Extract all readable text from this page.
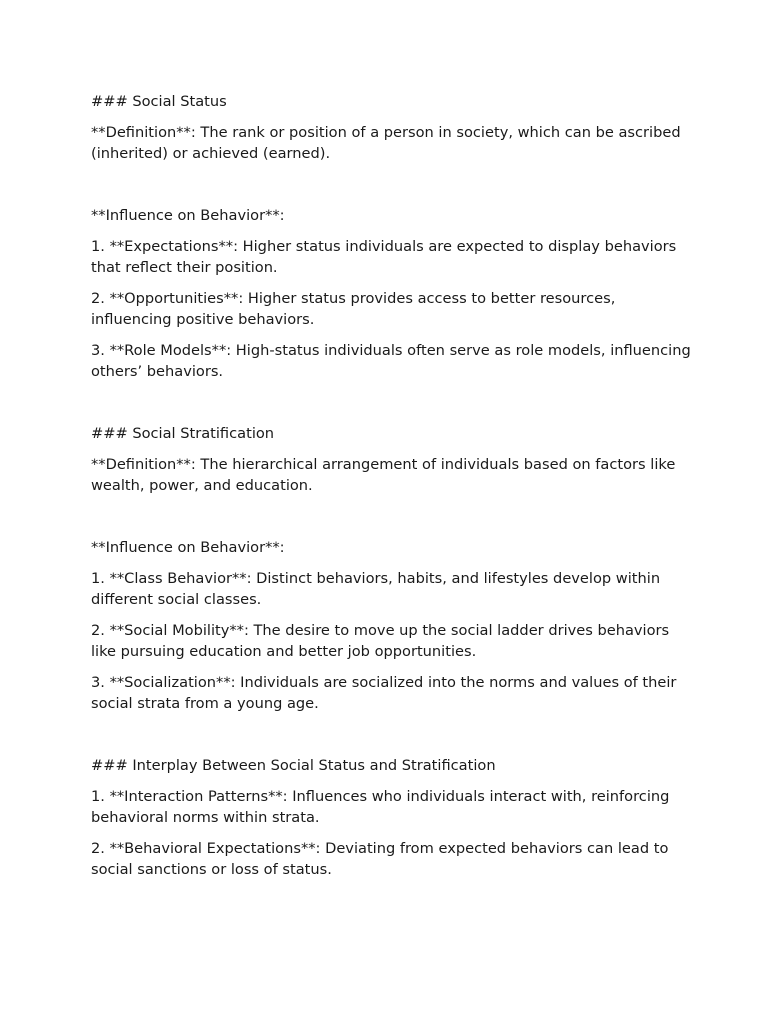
### Social Status

**Definition**: The rank or position of a person in society, which can be ascribed (inherited) or achieved (earned).

**Influence on Behavior**:

1. **Expectations**: Higher status individuals are expected to display behaviors that reflect their position.

2. **Opportunities**: Higher status provides access to better resources, influencing positive behaviors.

3. **Role Models**: High-status individuals often serve as role models, influencing others’ behaviors.

### Social Stratification

**Definition**: The hierarchical arrangement of individuals based on factors like wealth, power, and education.

**Influence on Behavior**:

1. **Class Behavior**: Distinct behaviors, habits, and lifestyles develop within different social classes.

2. **Social Mobility**: The desire to move up the social ladder drives behaviors like pursuing education and better job opportunities.

3. **Socialization**: Individuals are socialized into the norms and values of their social strata from a young age.

### Interplay Between Social Status and Stratification

1. **Interaction Patterns**: Influences who individuals interact with, reinforcing behavioral norms within strata.

2. **Behavioral Expectations**: Deviating from expected behaviors can lead to social sanctions or loss of status.
